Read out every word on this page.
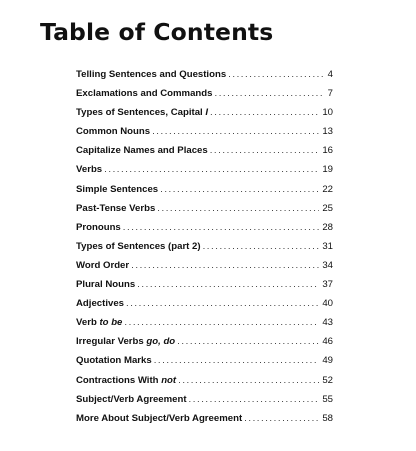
Table of Contents
Telling Sentences and Questions .....	4
Exclamations and Commands .....	7
Types of Sentences, Capital I .....	10
Common Nouns .....	13
Capitalize Names and Places .....	16
Verbs .....	19
Simple Sentences .....	22
Past-Tense Verbs .....	25
Pronouns .....	28
Types of Sentences (part 2) .....	31
Word Order .....	34
Plural Nouns .....	37
Adjectives .....	40
Verb to be .....	43
Irregular Verbs go, do .....	46
Quotation Marks .....	49
Contractions With not .....	52
Subject/Verb Agreement .....	55
More About Subject/Verb Agreement .....	58
